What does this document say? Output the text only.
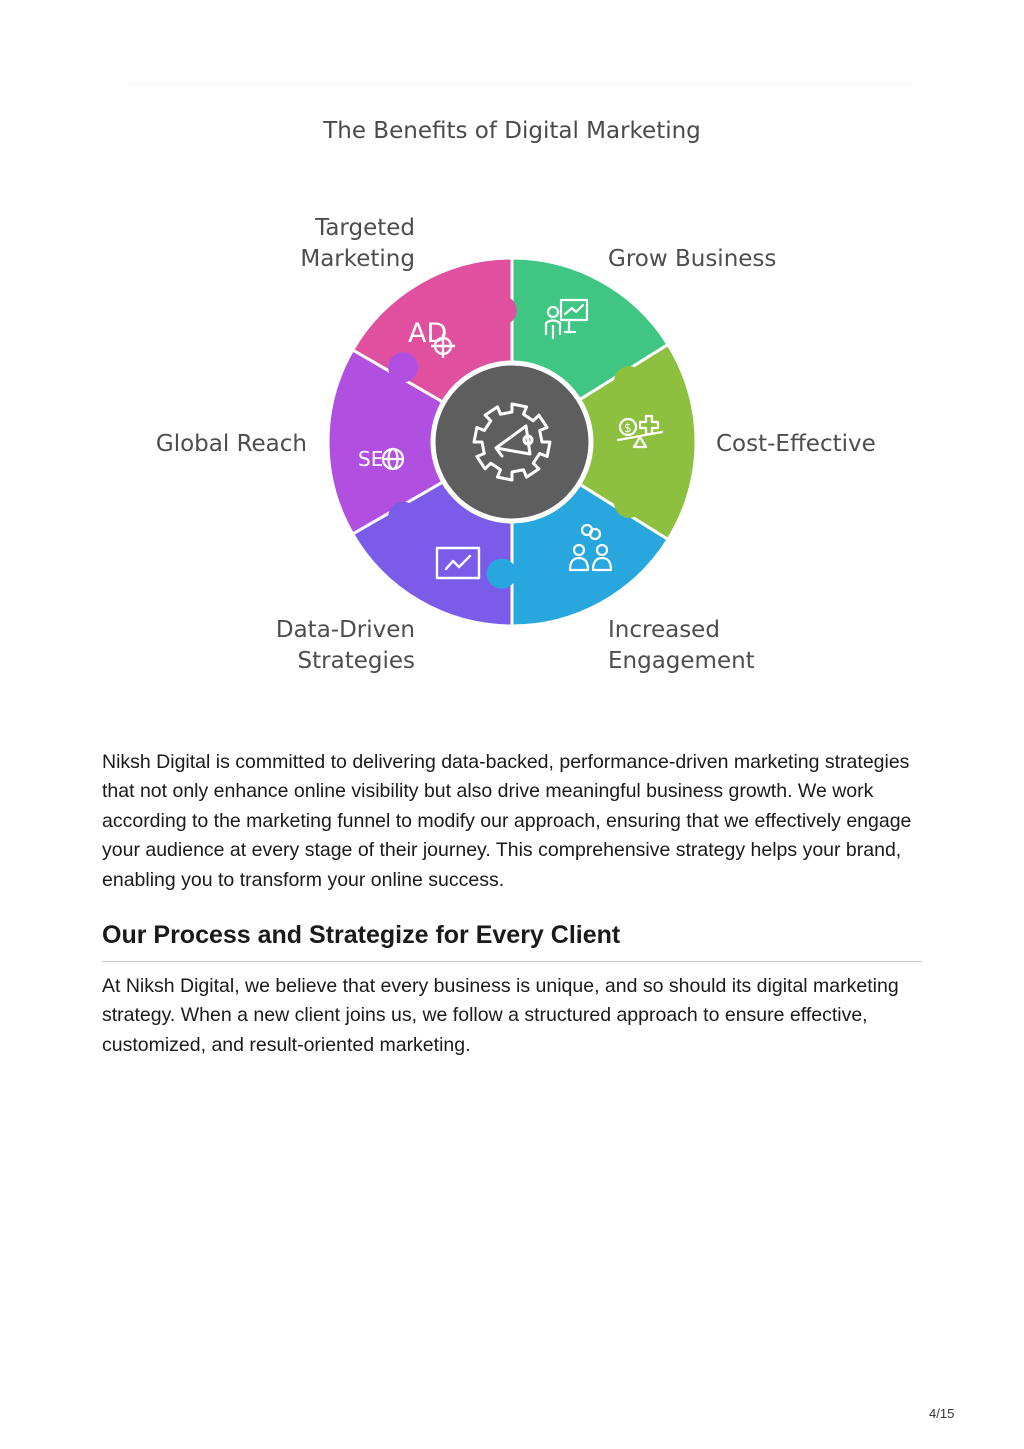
The Benefits of Digital Marketing
AD
$
SE
Targeted
Marketing	Grow Business
Cost-Effective
Increased
Engagement
Data-Driven
Strategies
Global Reach

Niksh Digital is committed to delivering data-backed, performance-driven marketing strategies that not only enhance online visibility but also drive meaningful business growth. We work according to the marketing funnel to modify our approach, ensuring that we effectively engage your audience at every stage of their journey. This comprehensive strategy helps your brand, enabling you to transform your online success.

Our Process and Strategize for Every Client

At Niksh Digital, we believe that every business is unique, and so should its digital marketing strategy. When a new client joins us, we follow a structured approach to ensure effective, customized, and result-oriented marketing.

4/15
